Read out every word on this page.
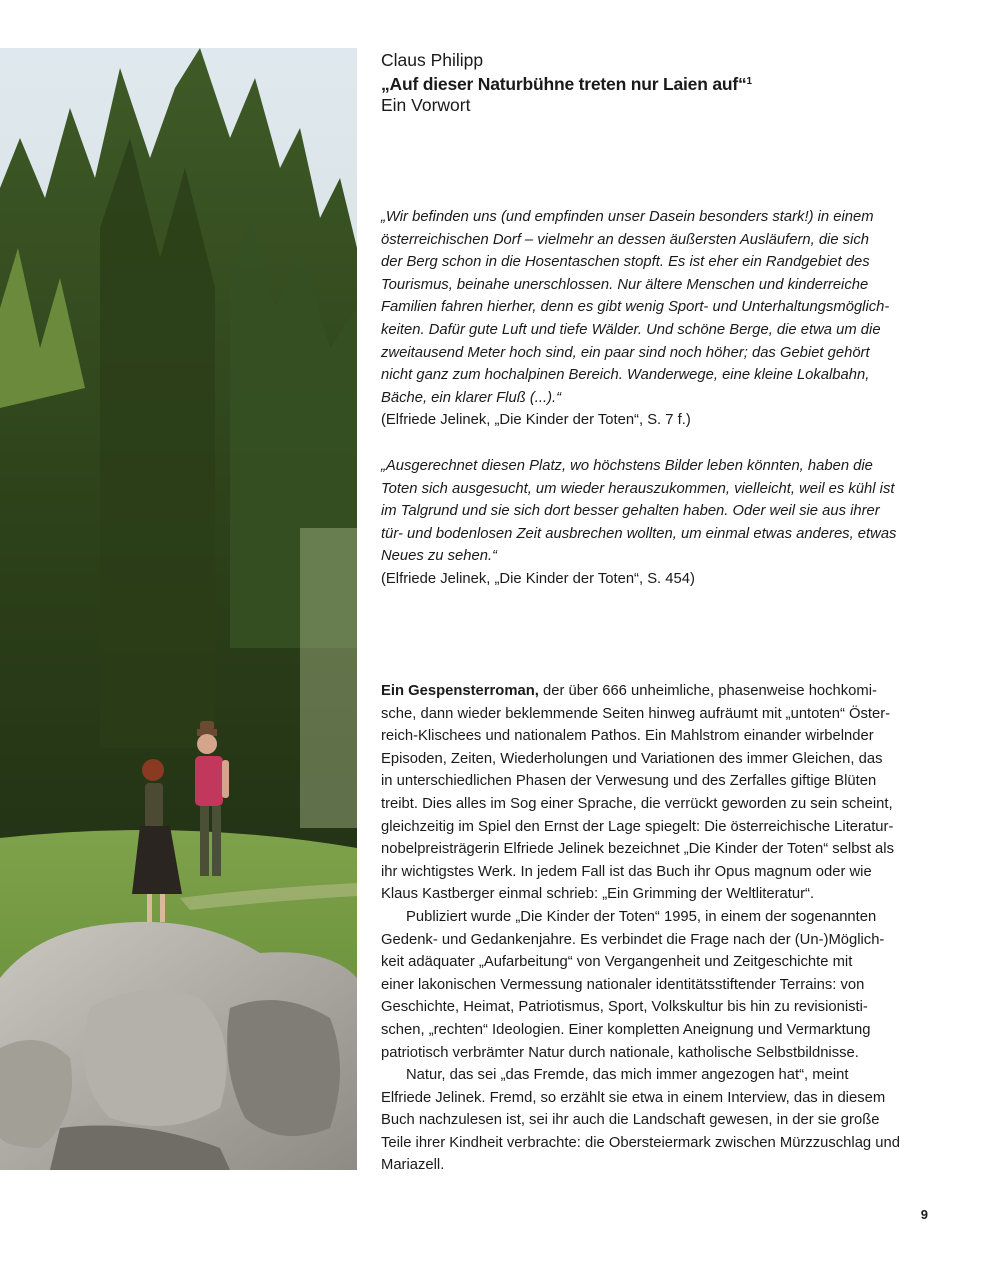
Claus Philipp
„Auf dieser Naturbühne treten nur Laien auf“$^1$
Ein Vorwort
„Wir befinden uns (und empfinden unser Dasein besonders stark!) in einem
österreichischen Dorf – vielmehr an dessen äußersten Ausläufern, die sich
der Berg schon in die Hosentaschen stopft. Es ist eher ein Randgebiet des
Tourismus, beinahe unerschlossen. Nur ältere Menschen und kinderreiche
Familien fahren hierher, denn es gibt wenig Sport- und Unterhaltungsmöglich-
keiten. Dafür gute Luft und tiefe Wälder. Und schöne Berge, die etwa um die
zweitausend Meter hoch sind, ein paar sind noch höher; das Gebiet gehört
nicht ganz zum hochalpinen Bereich. Wanderwege, eine kleine Lokalbahn,
Bäche, ein klarer Fluß (...).“
(Elfriede Jelinek, „Die Kinder der Toten“, S. 7 f.)
„Ausgerechnet diesen Platz, wo höchstens Bilder leben könnten, haben die
Toten sich ausgesucht, um wieder herauszukommen, vielleicht, weil es kühl ist
im Talgrund und sie sich dort besser gehalten haben. Oder weil sie aus ihrer
tür- und bodenlosen Zeit ausbrechen wollten, um einmal etwas anderes, etwas
Neues zu sehen.“
(Elfriede Jelinek, „Die Kinder der Toten“, S. 454)

Ein Gespensterroman, der über 666 unheimliche, phasenweise hochkomi-
sche, dann wieder beklemmende Seiten hinweg aufräumt mit „untoten“ Öster-
reich-Klischees und nationalem Pathos. Ein Mahlstrom einander wirbelnder
Episoden, Zeiten, Wiederholungen und Variationen des immer Gleichen, das
in unterschiedlichen Phasen der Verwesung und des Zerfalles giftige Blüten
treibt. Dies alles im Sog einer Sprache, die verrückt geworden zu sein scheint,
gleichzeitig im Spiel den Ernst der Lage spiegelt: Die österreichische Literatur-
nobelpreisträgerin Elfriede Jelinek bezeichnet „Die Kinder der Toten“ selbst als
ihr wichtigstes Werk. In jedem Fall ist das Buch ihr Opus magnum oder wie
Klaus Kastberger einmal schrieb: „Ein Grimming der Weltliteratur“.

Publiziert wurde „Die Kinder der Toten“ 1995, in einem der sogenannten
Gedenk- und Gedankenjahre. Es verbindet die Frage nach der (Un-)Möglich-
keit adäquater „Aufarbeitung“ von Vergangenheit und Zeitgeschichte mit
einer lakonischen Vermessung nationaler identitätsstiftender Terrains: von
Geschichte, Heimat, Patriotismus, Sport, Volkskultur bis hin zu revisionisti-
schen, „rechten“ Ideologien. Einer kompletten Aneignung und Vermarktung
patriotisch verbrämter Natur durch nationale, katholische Selbstbildnisse.

Natur, das sei „das Fremde, das mich immer angezogen hat“, meint
Elfriede Jelinek. Fremd, so erzählt sie etwa in einem Interview, das in diesem
Buch nachzulesen ist, sei ihr auch die Landschaft gewesen, in der sie große
Teile ihrer Kindheit verbrachte: die Obersteiermark zwischen Mürzzuschlag und
Mariazell.

9
